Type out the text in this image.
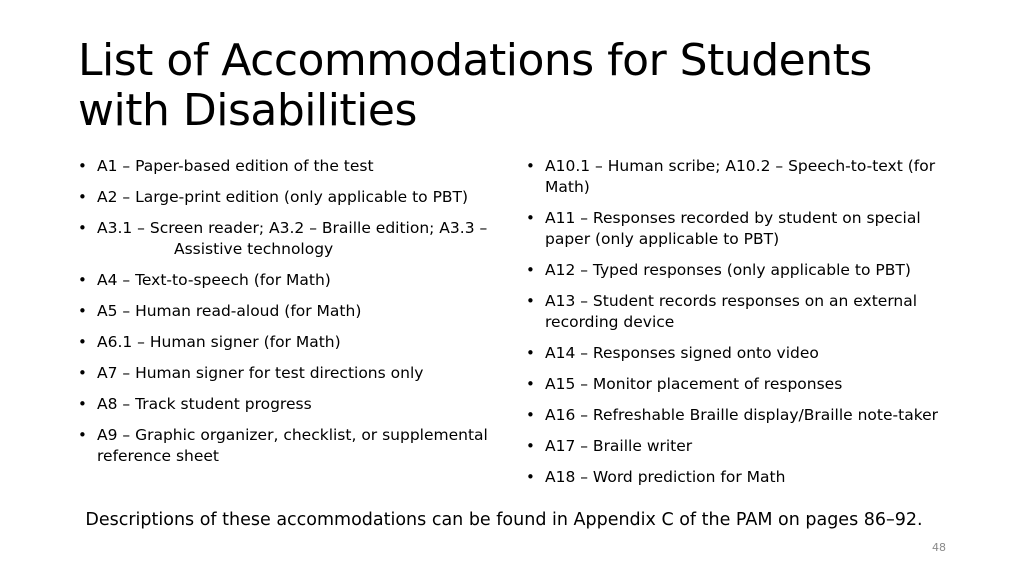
List of Accommodations for Students with Disabilities
• A1 – Paper-based edition of the test
• A2 – Large-print edition (only applicable to PBT)
• A3.1 – Screen reader; A3.2 – Braille edition; A3.3 –
Assistive technology
• A4 – Text-to-speech (for Math)
• A5 – Human read-aloud (for Math)
• A6.1 – Human signer (for Math)
• A7 – Human signer for test directions only
• A8 – Track student progress
• A9 – Graphic organizer, checklist, or supplemental reference sheet
• A10.1 – Human scribe; A10.2 – Speech-to-text (for Math)
• A11 – Responses recorded by student on special paper (only applicable to PBT)
• A12 – Typed responses (only applicable to PBT)
• A13 – Student records responses on an external recording device
• A14 – Responses signed onto video
• A15 – Monitor placement of responses
• A16 – Refreshable Braille display/Braille note-taker
• A17 – Braille writer
• A18 – Word prediction for Math
Descriptions of these accommodations can be found in Appendix C of the PAM on pages 86–92.
48
